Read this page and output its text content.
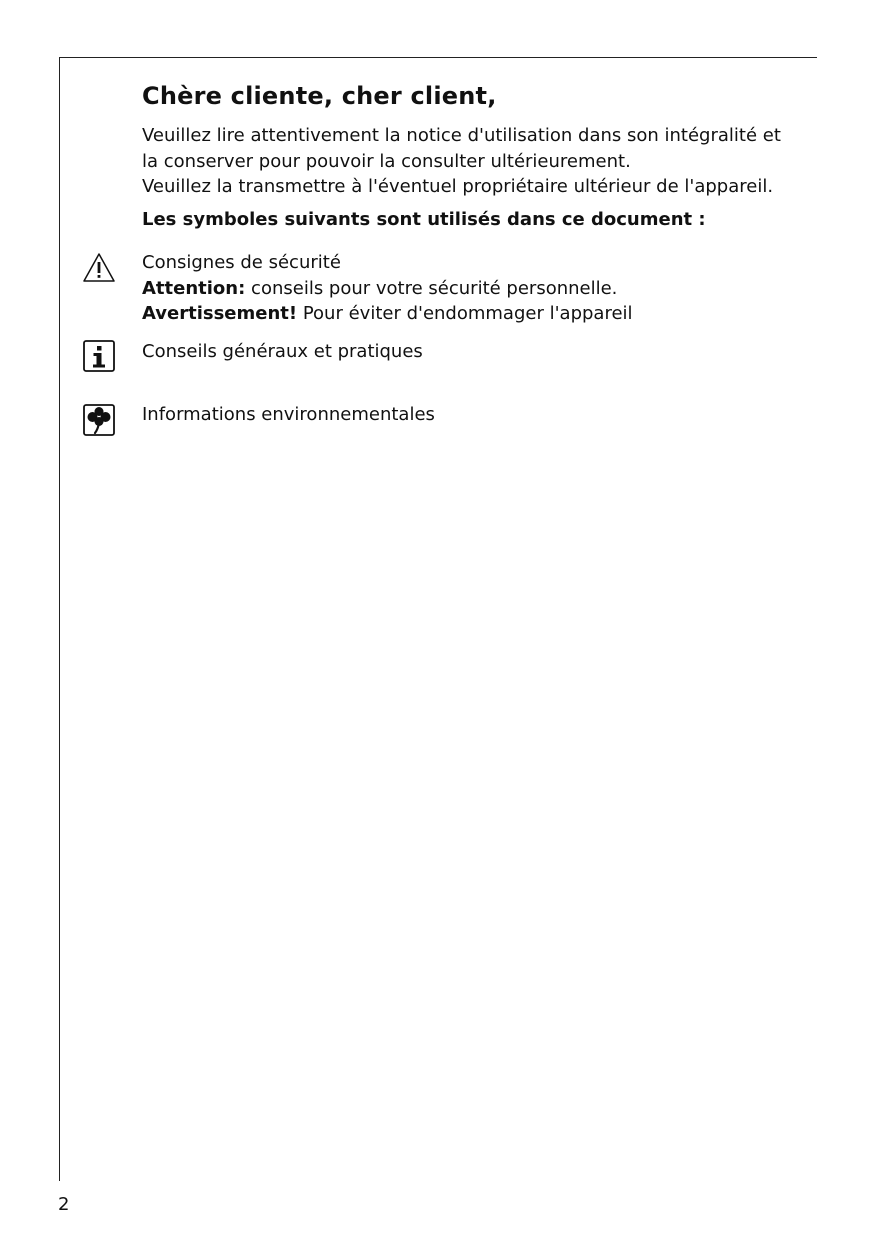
Chère cliente, cher client,
Veuillez lire attentivement la notice d'utilisation dans son intégralité et
la conserver pour pouvoir la consulter ultérieurement.
Veuillez la transmettre à l'éventuel propriétaire ultérieur de l'appareil.
Les symboles suivants sont utilisés dans ce document :
Consignes de sécurité
Attention: conseils pour votre sécurité personnelle.
Avertissement! Pour éviter d'endommager l'appareil
Conseils généraux et pratiques
Informations environnementales
2
